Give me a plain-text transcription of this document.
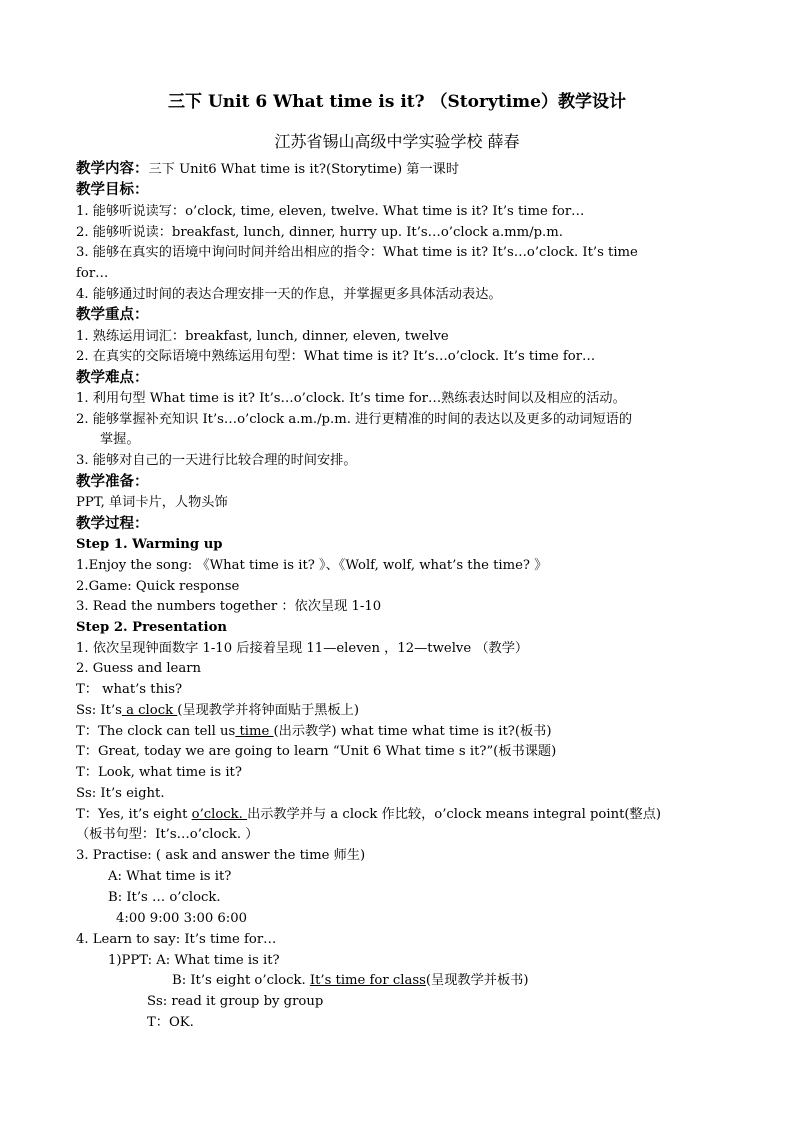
三下 Unit 6 What time is it? （Storytime）教学设计
江苏省锡山高级中学实验学校 薛春
教学内容：三下 Unit6 What time is it?(Storytime) 第一课时
教学目标：
1. 能够听说读写：o’clock, time, eleven, twelve. What time is it? It’s time for…
2. 能够听说读：breakfast, lunch, dinner, hurry up. It’s…o’clock a.mm/p.m.
3. 能够在真实的语境中询问时间并给出相应的指令：What time is it? It’s…o’clock. It’s time
for…
4. 能够通过时间的表达合理安排一天的作息，并掌握更多具体活动表达。
教学重点：
1. 熟练运用词汇：breakfast, lunch, dinner, eleven, twelve
2. 在真实的交际语境中熟练运用句型：What time is it? It’s…o’clock. It’s time for…
教学难点：
1. 利用句型 What time is it? It’s…o’clock. It’s time for…熟练表达时间以及相应的活动。
2. 能够掌握补充知识 It’s…o’clock a.m./p.m. 进行更精准的时间的表达以及更多的动词短语的
掌握。
3. 能够对自己的一天进行比较合理的时间安排。
教学准备：
PPT, 单词卡片，人物头饰
教学过程：
Step 1. Warming up
1.Enjoy the song: 《What time is it? 》、《Wolf, wolf, what’s the time? 》
2.Game: Quick response
3. Read the numbers together ：依次呈现 1-10
Step 2. Presentation
1. 依次呈现钟面数字 1-10 后接着呈现 11—eleven ，12—twelve （教学）
2. Guess and learn
T： what’s this?
Ss: It’s a clock (呈现教学并将钟面贴于黑板上)
T：The clock can tell us time (出示教学) what time what time is it?(板书)
T：Great, today we are going to learn “Unit 6 What time s it?”(板书课题)
T：Look, what time is it?
Ss: It’s eight.
T：Yes, it’s eight o’clock. 出示教学并与 a clock 作比较，o’clock means integral point(整点)
（板书句型：It’s…o’clock. ）
3. Practise: ( ask and answer the time 师生)
A: What time is it?
B: It’s … o’clock.
4:00 9:00 3:00 6:00
4. Learn to say: It’s time for…
1)PPT: A: What time is it?
B: It’s eight o’clock. It’s time for class(呈现教学并板书)
Ss: read it group by group
T：OK.
